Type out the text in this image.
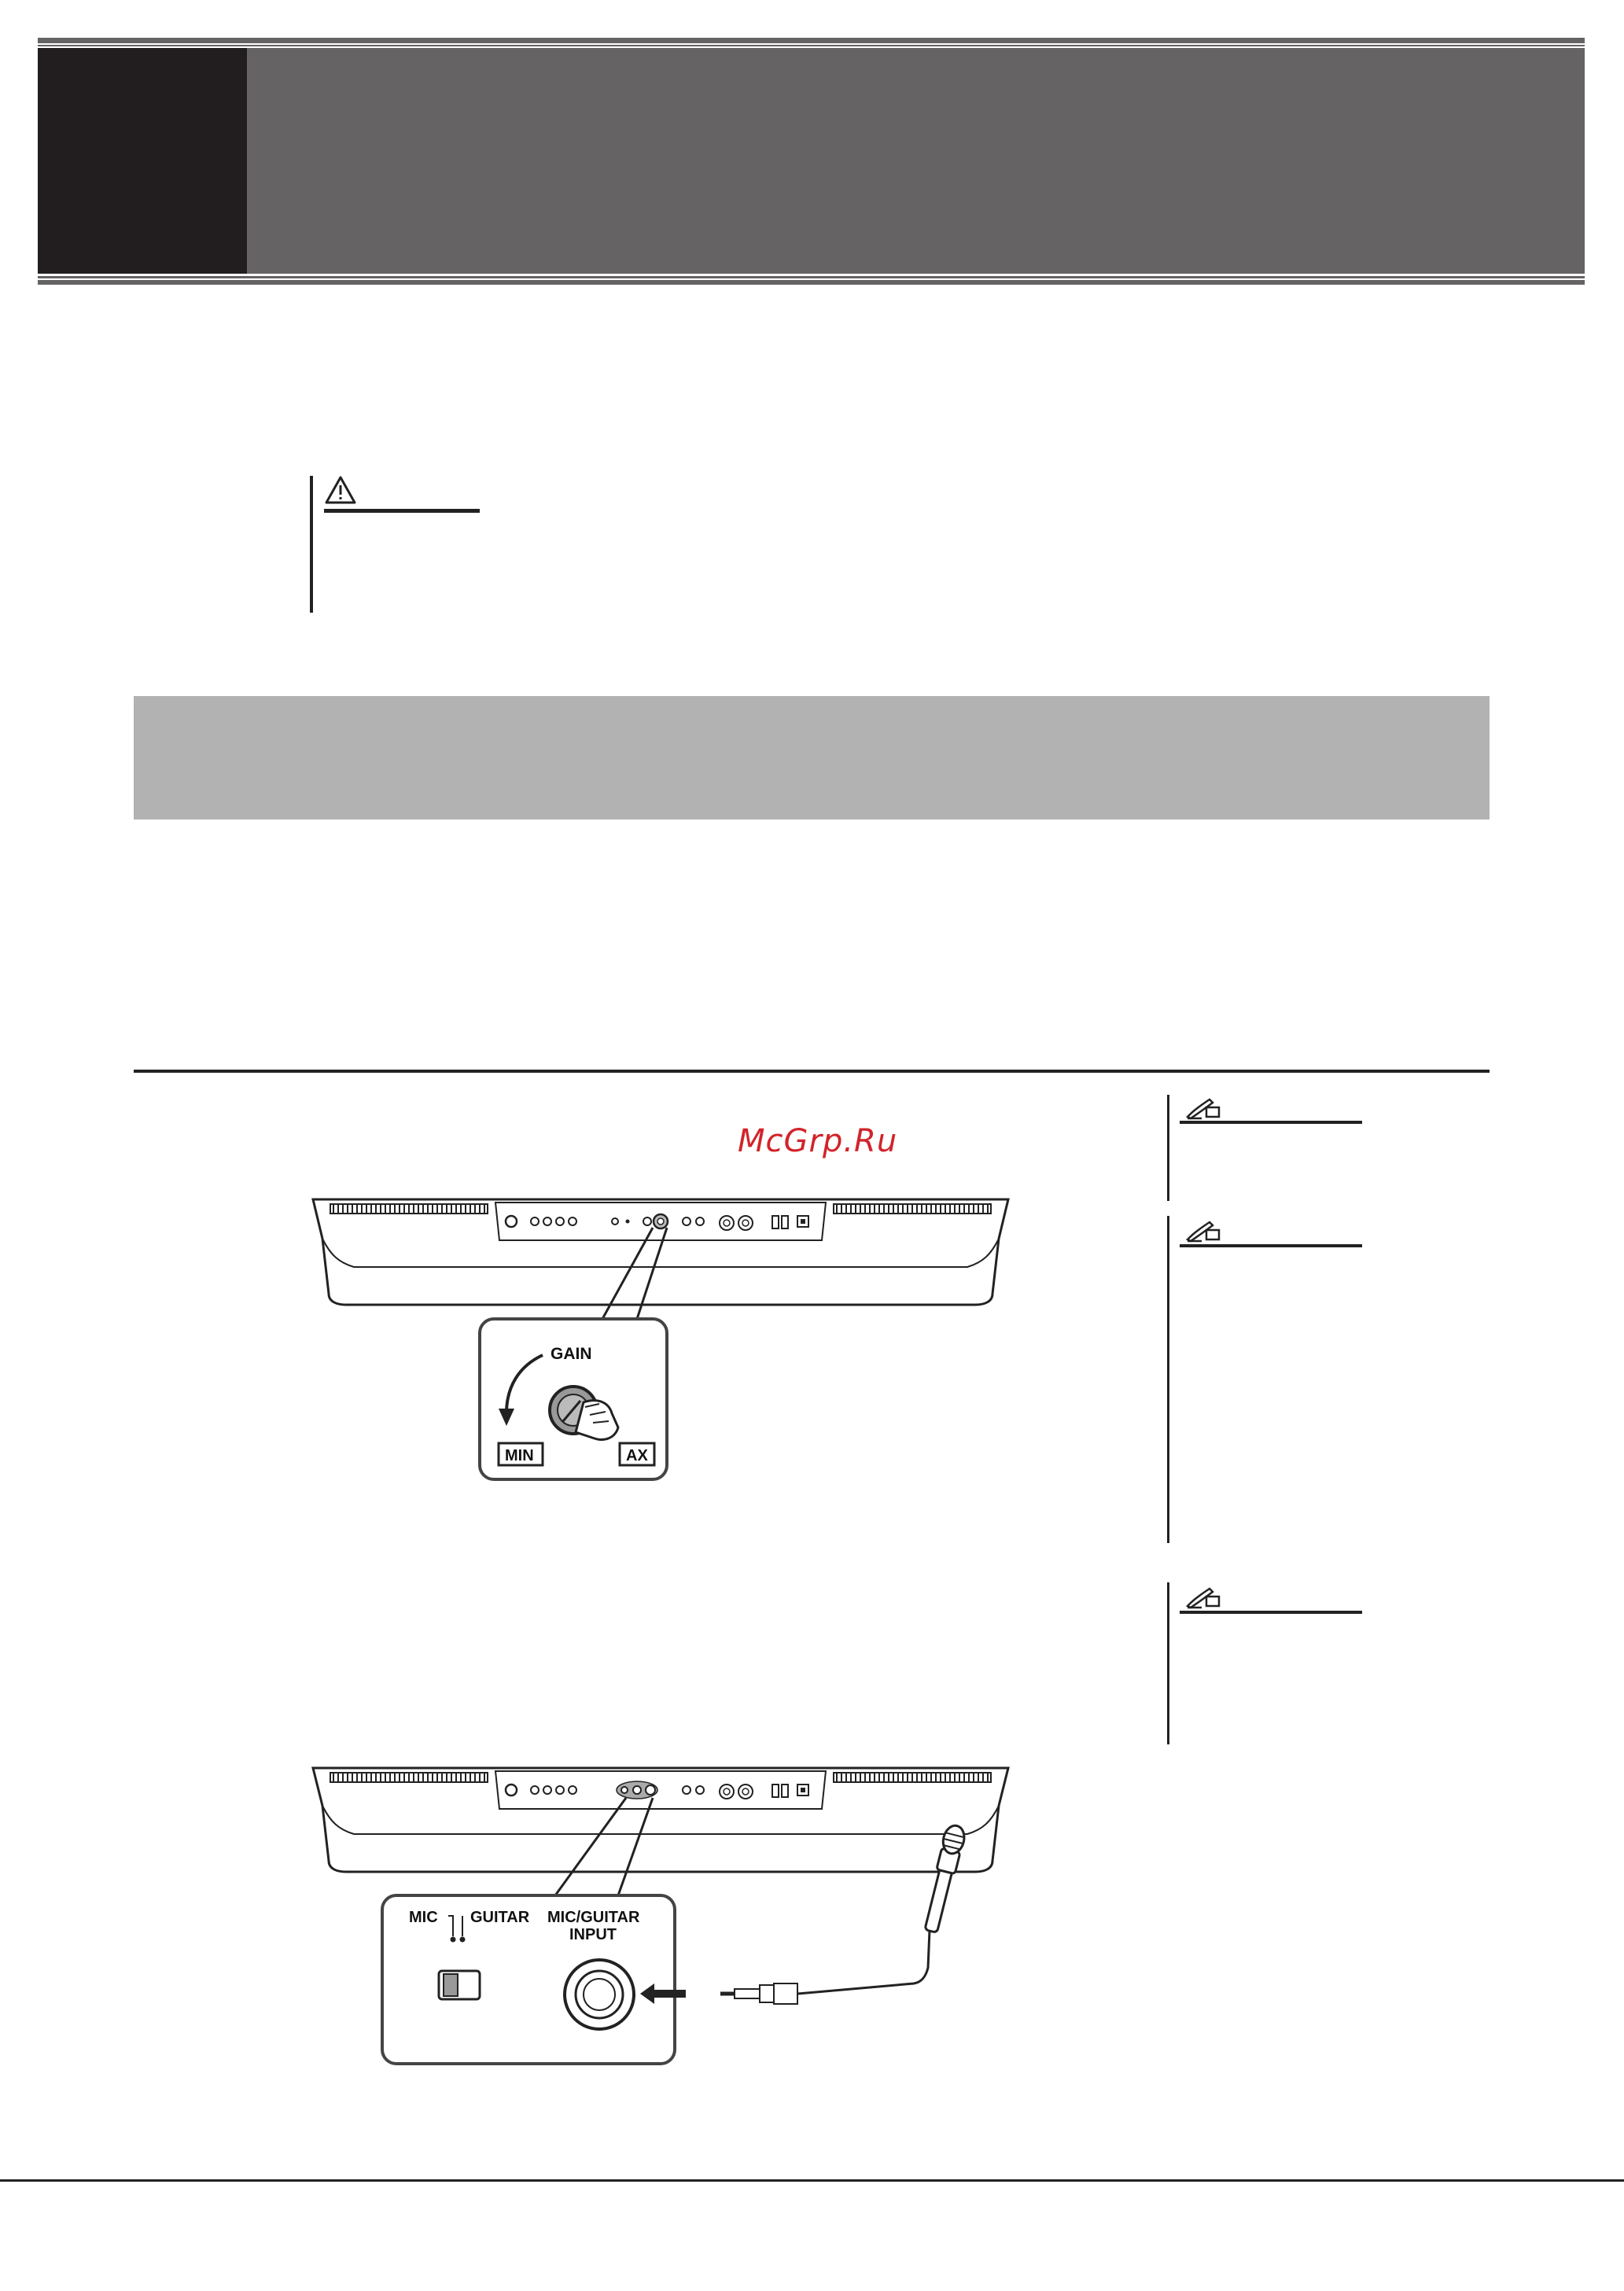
McGrp.Ru
GAIN
MIN	AX
MIC GUITAR MIC/GUITAR
INPUT
